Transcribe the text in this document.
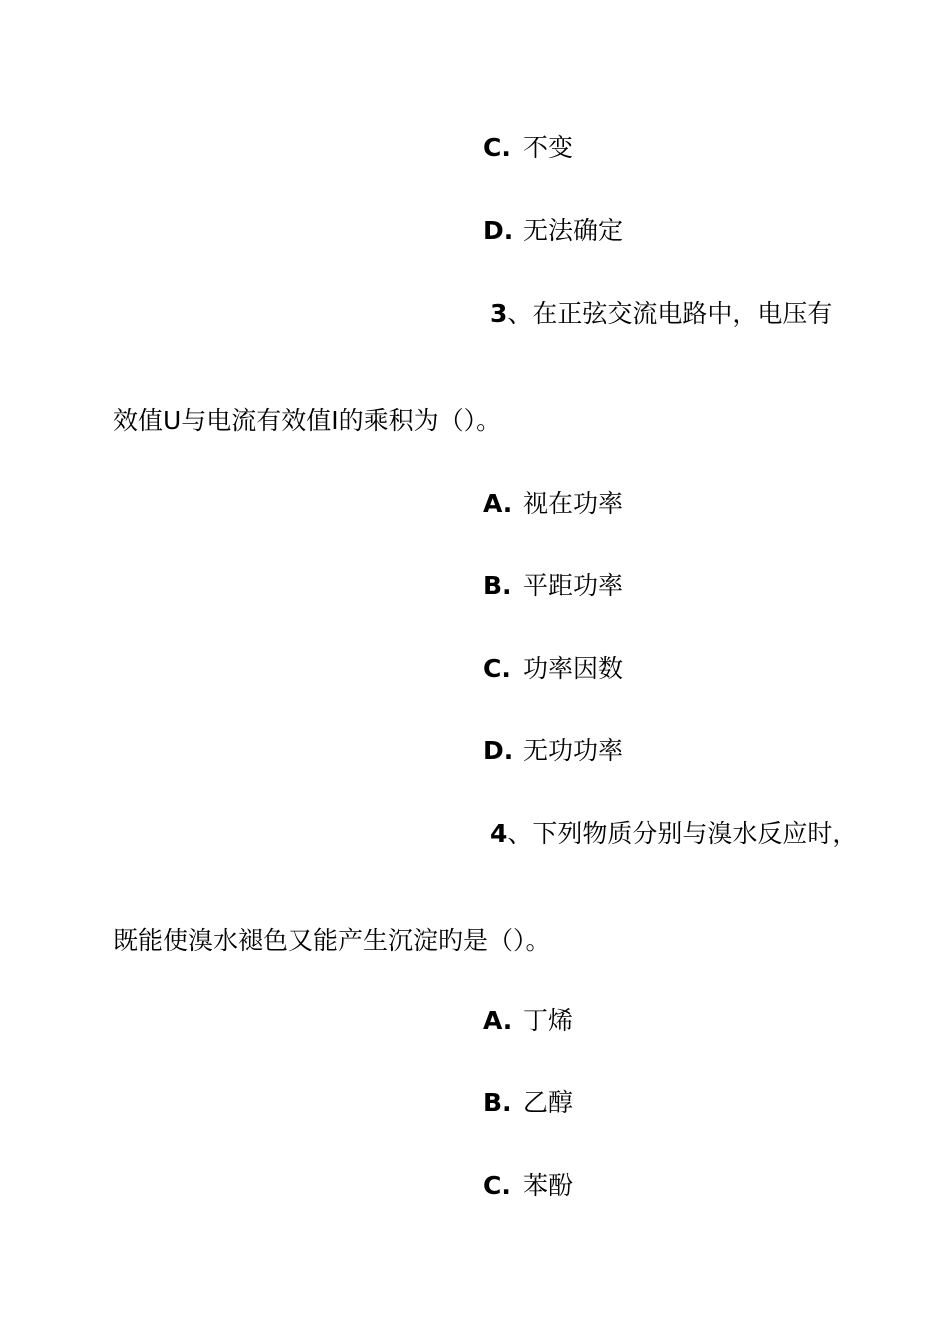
C. 不变
D. 无法确定
3、在正弦交流电路中，电压有
效值U与电流有效值I的乘积为（）。
A. 视在功率
B. 平距功率
C. 功率因数
D. 无功功率
4、下列物质分别与溴水反应时，
既能使溴水褪色又能产生沉淀旳是（）。
A. 丁烯
B. 乙醇
C. 苯酚
